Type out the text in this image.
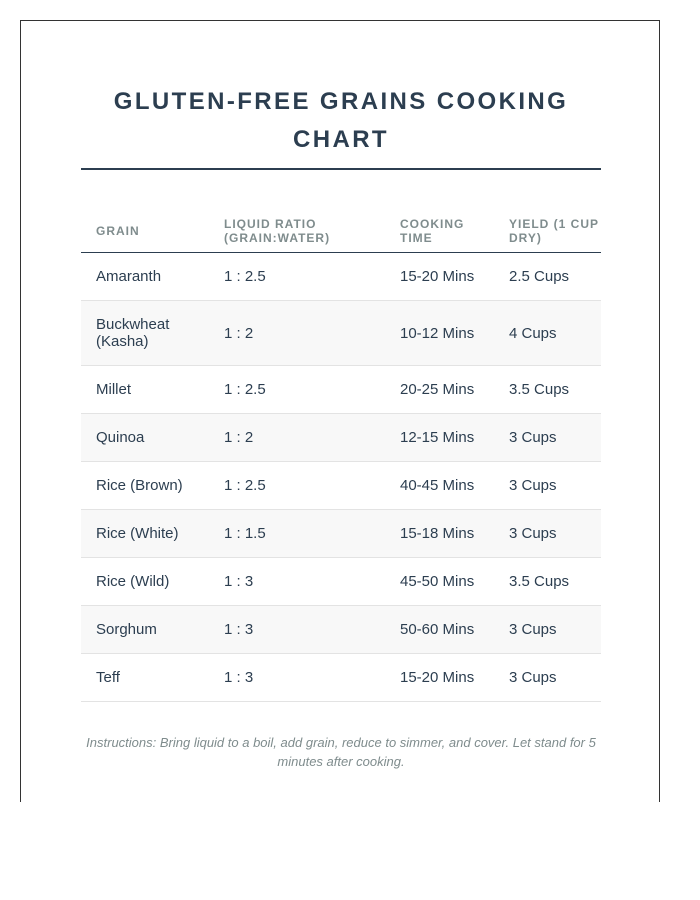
GLUTEN-FREE GRAINS COOKING CHART
GRAIN	LIQUID RATIO (GRAIN:WATER)	COOKING TIME	YIELD (1 CUP DRY)
Amaranth	1 : 2.5	15-20 Mins	2.5 Cups
Buckwheat (Kasha)	1 : 2	10-12 Mins	4 Cups
Millet	1 : 2.5	20-25 Mins	3.5 Cups
Quinoa	1 : 2	12-15 Mins	3 Cups
Rice (Brown)	1 : 2.5	40-45 Mins	3 Cups
Rice (White)	1 : 1.5	15-18 Mins	3 Cups
Rice (Wild)	1 : 3	45-50 Mins	3.5 Cups
Sorghum	1 : 3	50-60 Mins	3 Cups
Teff	1 : 3	15-20 Mins	3 Cups

Instructions: Bring liquid to a boil, add grain, reduce to simmer, and cover. Let stand for 5 minutes after cooking.
